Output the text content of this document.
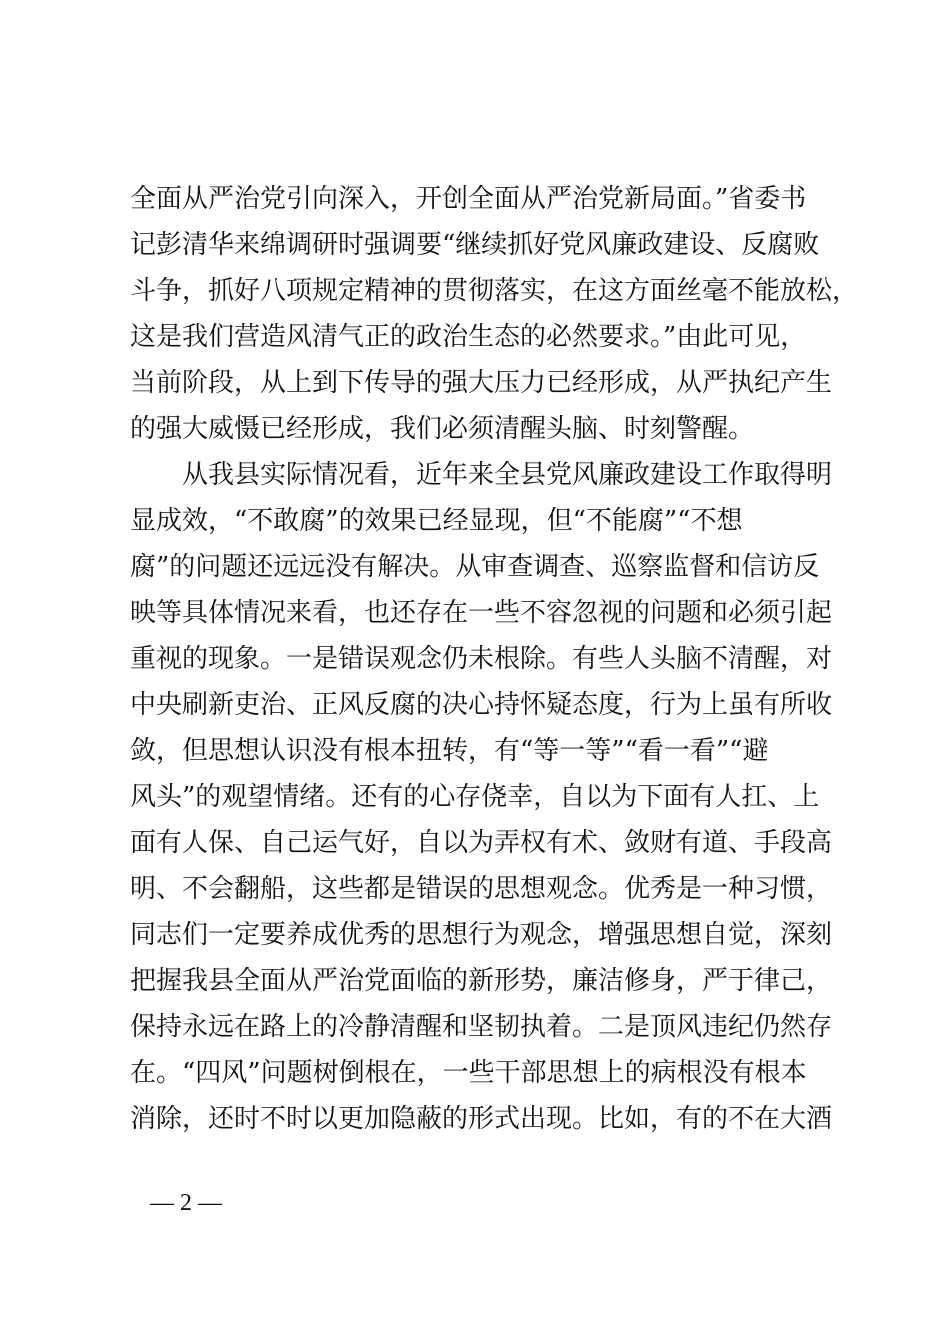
全面从严治党引向深入，开创全面从严治党新局面。”省委书
记彭清华来绵调研时强调要“继续抓好党风廉政建设、反腐败
斗争，抓好八项规定精神的贯彻落实，在这方面丝毫不能放松，
这是我们营造风清气正的政治生态的必然要求。”由此可见，
当前阶段，从上到下传导的强大压力已经形成，从严执纪产生
的强大威慑已经形成，我们必须清醒头脑、时刻警醒。
　　从我县实际情况看，近年来全县党风廉政建设工作取得明
显成效，“不敢腐”的效果已经显现，但“不能腐”“不想
腐”的问题还远远没有解决。从审查调查、巡察监督和信访反
映等具体情况来看，也还存在一些不容忽视的问题和必须引起
重视的现象。一是错误观念仍未根除。有些人头脑不清醒，对
中央刷新吏治、正风反腐的决心持怀疑态度，行为上虽有所收
敛，但思想认识没有根本扭转，有“等一等”“看一看”“避
风头”的观望情绪。还有的心存侥幸，自以为下面有人扛、上
面有人保、自己运气好，自以为弄权有术、敛财有道、手段高
明、不会翻船，这些都是错误的思想观念。优秀是一种习惯，
同志们一定要养成优秀的思想行为观念，增强思想自觉，深刻
把握我县全面从严治党面临的新形势，廉洁修身，严于律己，
保持永远在路上的冷静清醒和坚韧执着。二是顶风违纪仍然存
在。“四风”问题树倒根在，一些干部思想上的病根没有根本
消除，还时不时以更加隐蔽的形式出现。比如，有的不在大酒
— 2 —
